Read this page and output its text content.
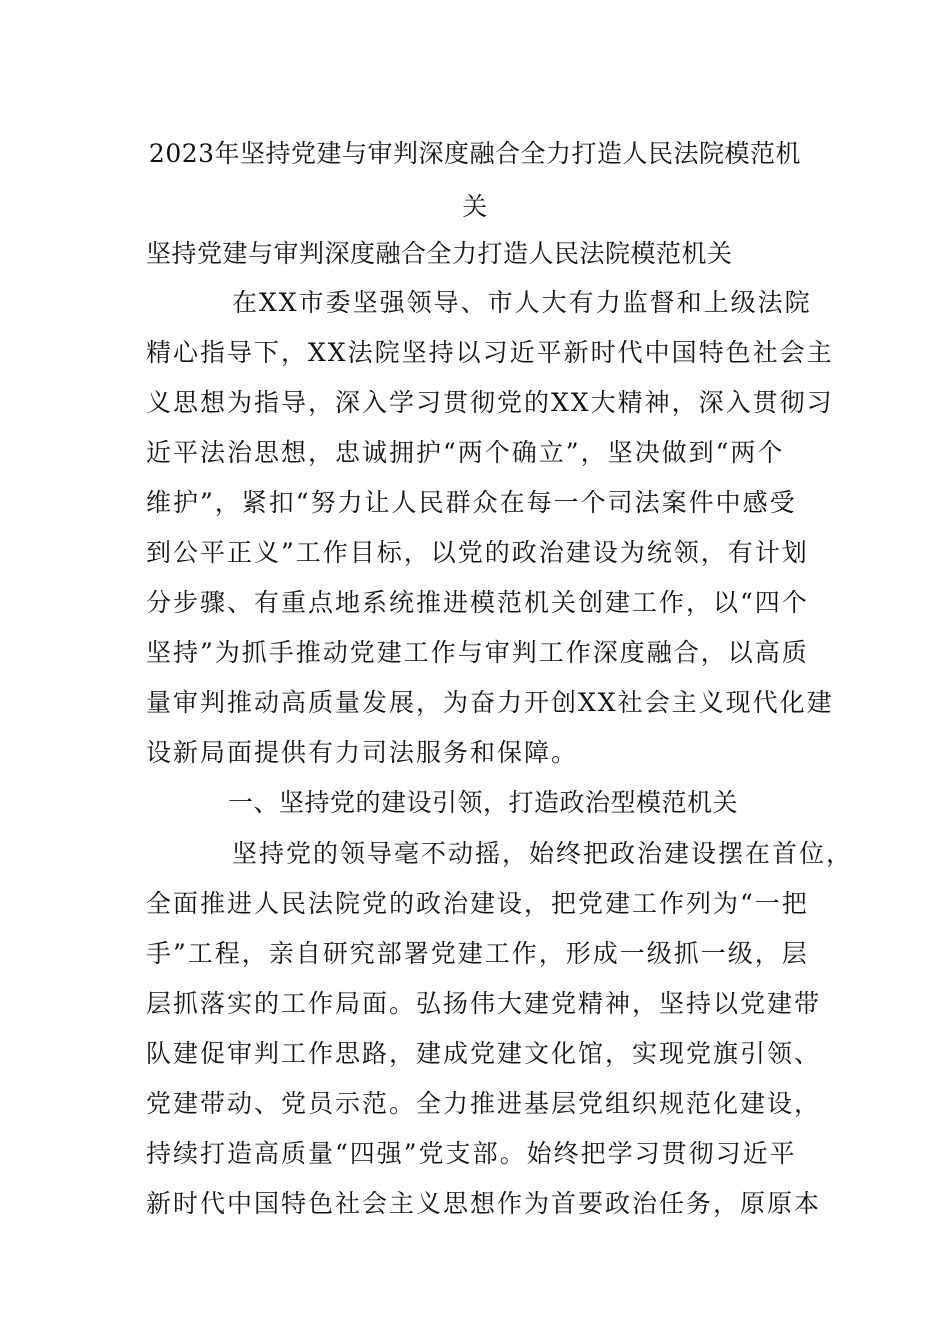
2023年坚持党建与审判深度融合全力打造人民法院模范机
关
坚持党建与审判深度融合全力打造人民法院模范机关
在XX市委坚强领导、市人大有力监督和上级法院
精心指导下，XX法院坚持以习近平新时代中国特色社会主
义思想为指导，深入学习贯彻党的XX大精神，深入贯彻习
近平法治思想，忠诚拥护“两个确立”，坚决做到“两个
维护”，紧扣“努力让人民群众在每一个司法案件中感受
到公平正义”工作目标，以党的政治建设为统领，有计划
分步骤、有重点地系统推进模范机关创建工作，以“四个
坚持”为抓手推动党建工作与审判工作深度融合，以高质
量审判推动高质量发展，为奋力开创XX社会主义现代化建
设新局面提供有力司法服务和保障。
一、坚持党的建设引领，打造政治型模范机关
坚持党的领导毫不动摇，始终把政治建设摆在首位，
全面推进人民法院党的政治建设，把党建工作列为“一把
手”工程，亲自研究部署党建工作，形成一级抓一级，层
层抓落实的工作局面。弘扬伟大建党精神，坚持以党建带
队建促审判工作思路，建成党建文化馆，实现党旗引领、
党建带动、党员示范。全力推进基层党组织规范化建设，
持续打造高质量“四强”党支部。始终把学习贯彻习近平
新时代中国特色社会主义思想作为首要政治任务，原原本
